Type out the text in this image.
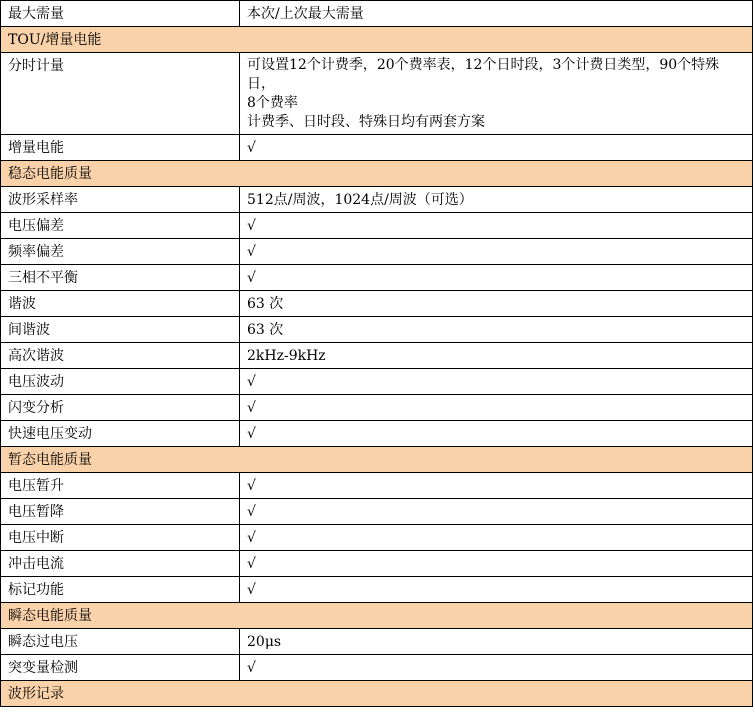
最大需量	本次/上次最大需量
TOU/增量电能	
分时计量	可设置12个计费季，20个费率表，12个日时段，3个计费日类型，90个特殊日，
8个费率
计费季、日时段、特殊日均有两套方案

增量电能	√
稳态电能质量	
波形采样率	512点/周波，1024点/周波（可选）
电压偏差	√
频率偏差	√
三相不平衡	√
谐波	63 次
间谐波	63 次
高次谐波	2kHz-9kHz
电压波动	√
闪变分析	√
快速电压变动	√
暂态电能质量	
电压暂升	√
电压暂降	√
电压中断	√
冲击电流	√
标记功能	√
瞬态电能质量	
瞬态过电压	20μs
突变量检测	√
波形记录	
